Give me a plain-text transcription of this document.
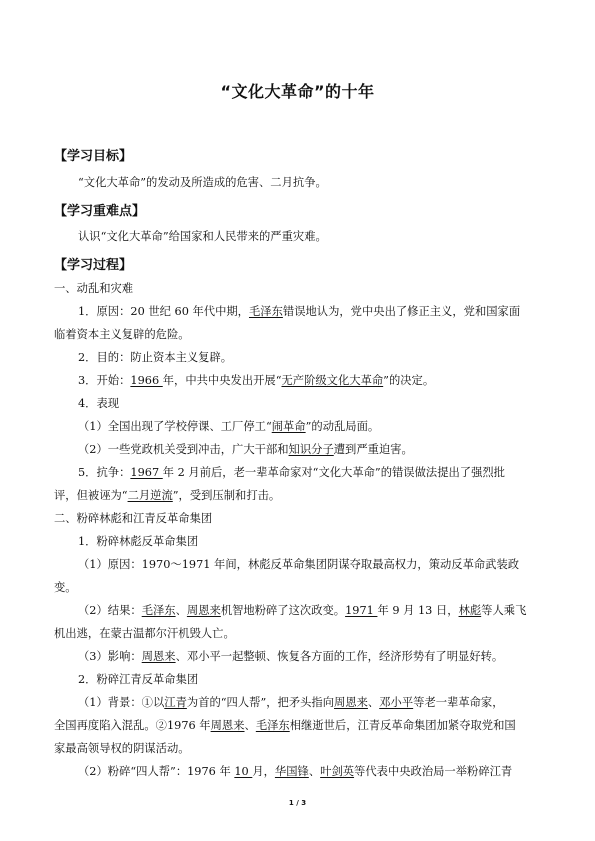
“文化大革命”的十年
【学习目标】
“文化大革命”的发动及所造成的危害、二月抗争。
【学习重难点】
认识“文化大革命”给国家和人民带来的严重灾难。
【学习过程】
一、动乱和灾难
1．原因：20 世纪 60 年代中期，毛泽东错误地认为，党中央出了修正主义，党和国家面
临着资本主义复辟的危险。
2．目的：防止资本主义复辟。
3．开始：1966 年，中共中央发出开展“无产阶级文化大革命”的决定。
4．表现
（1）全国出现了学校停课、工厂停工“闹革命”的动乱局面。
（2）一些党政机关受到冲击，广大干部和知识分子遭到严重迫害。
5．抗争：1967 年 2 月前后，老一辈革命家对“文化大革命”的错误做法提出了强烈批
评，但被诬为“二月逆流”，受到压制和打击。
二、粉碎林彪和江青反革命集团
1．粉碎林彪反革命集团
（1）原因：1970～1971 年间，林彪反革命集团阴谋夺取最高权力，策动反革命武装政
变。
（2）结果：毛泽东、周恩来机智地粉碎了这次政变。1971 年 9 月 13 日，林彪等人乘飞
机出逃，在蒙古温都尔汗机毁人亡。
（3）影响：周恩来、邓小平一起整顿、恢复各方面的工作，经济形势有了明显好转。
2．粉碎江青反革命集团
（1）背景：①以江青为首的“四人帮”，把矛头指向周恩来、邓小平等老一辈革命家，
全国再度陷入混乱。②1976 年周恩来、毛泽东相继逝世后，江青反革命集团加紧夺取党和国
家最高领导权的阴谋活动。
（2）粉碎“四人帮”：1976 年 10 月，华国锋、叶剑英等代表中央政治局一举粉碎江青
1 / 3
